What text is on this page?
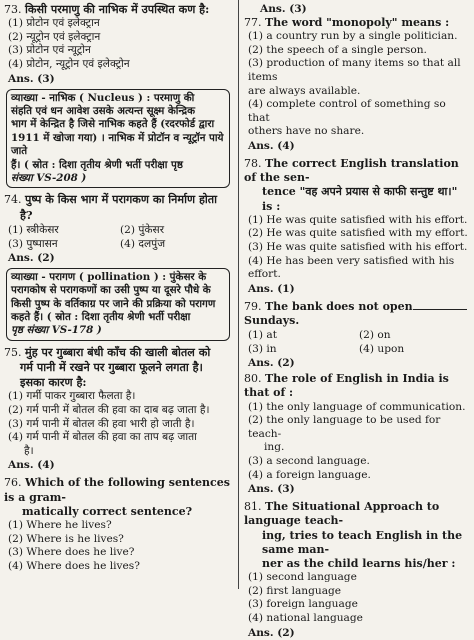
73. किसी परमाणु की नाभिक में उपस्थित कण है:

(1) प्रोटोन एवं इलेक्ट्रान

(2) न्यूट्रोन एवं इलेक्ट्रान

(3) प्रोटोन एवं न्यूट्रोन

(4) प्रोटोन, न्यूट्रोन एवं इलेक्ट्रोन

Ans. (3)
व्याख्या - नाभिक ( Nucleus ) : परमाणु की
संहति एवं धन आवेश उसके अत्यन्त सूक्ष्म केन्द्रिक
भाग में केन्द्रित है जिसे नाभिक कहते हैं (रदरफोर्ड द्वारा
1911 में खोजा गया) । नाभिक में प्रोटॉन व न्यूट्रॉन पाये जाते
हैं। ( स्रोत : दिशा तृतीय श्रेणी भर्ती परीक्षा पृष्ठ
संख्या VS-208 )

74. पुष्प के किस भाग में परागकण का निर्माण होता

है?

(1) स्त्रीकेसर	(2) पुंकेसर
(3) पुष्पासन	(4) दलपुंज
Ans. (2)
व्याख्या - परागण ( pollination ) : पुंकेसर के
परागकोष से परागकणों का उसी पुष्प या दूसरे पौधे के
किसी पुष्प के वर्तिकाग्र पर जाने की प्रक्रिया को परागण
कहते हैं। ( स्रोत : दिशा तृतीय श्रेणी भर्ती परीक्षा
पृष्ठ संख्या VS-178 )

75. मुंह पर गुब्बारा बंधी काँच की खाली बोतल को

गर्म पानी में रखने पर गुब्बारा फूलने लगता है।

इसका कारण है:

(1) गर्मी पाकर गुब्बारा फैलता है।

(2) गर्म पानी में बोतल की हवा का दाब बढ़ जाता है।

(3) गर्म पानी में बोतल की हवा भारी हो जाती है।

(4) गर्म पानी में बोतल की हवा का ताप बढ़ जाता

है।

Ans. (4)

76. Which of the following sentences is a gram-

matically correct sentence?

(1) Where he lives?

(2) Where is he lives?

(3) Where does he live?

(4) Where does he lives?

Ans. (3)

77. The word "monopoly" means :

(1) a country run by a single politician.

(2) the speech of a single person.

(3) production of many items so that all items

are always available.

(4) complete control of something so that

others have no share.

Ans. (4)

78. The correct English translation of the sen-

tence "वह अपने प्रयास से काफी सन्तुष्ट था।"

is :

(1) He was quite satisfied with his effort.

(2) He was quite satisfied with my effort.

(3) He was quite satisfied with his effort.

(4) He has been very satisfied with his effort.

Ans. (1)

79. The bank does not openSundays.

(1) at	(2) on
(3) in	(4) upon
Ans. (2)

80. The role of English in India is that of :

(1) the only language of communication.

(2) the only language to be used for teach-

ing.

(3) a second language.

(4) a foreign language.

Ans. (3)

81. The Situational Approach to language teach-

ing, tries to teach English in the same man-

ner as the child learns his/her :

(1) second language

(2) first language

(3) foreign language

(4) national language

Ans. (2)
